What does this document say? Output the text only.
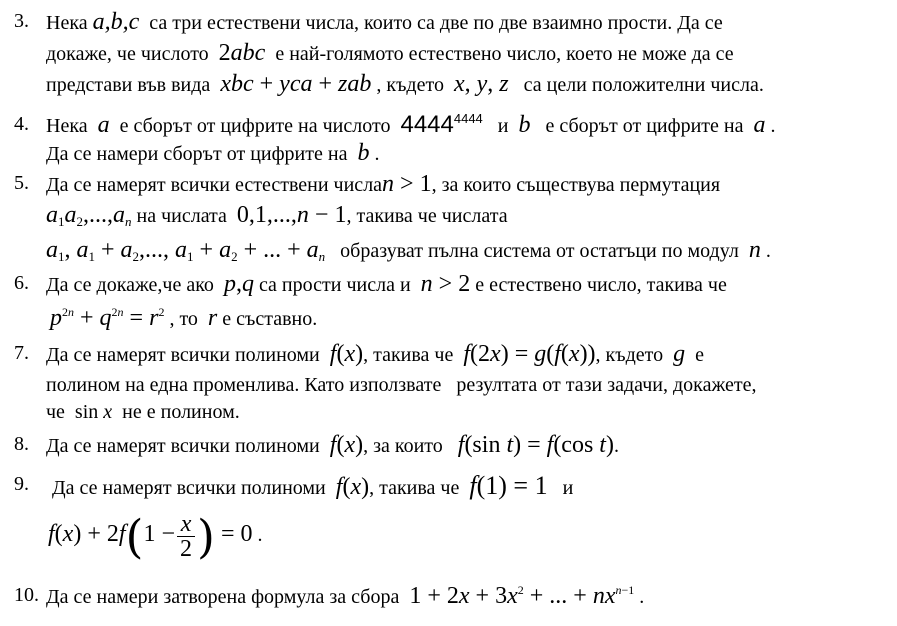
3. Нека a,b,c  са три естествени числа, които са две по две взаимно прости. Да се
докаже, че числото  2abc  е най-голямото естествено число, което не може да се
представи във вида  xbc + yca + zab , където  x, y, z   са цели положителни числа.
4. Нека  a  е сборът от цифрите на числото  $4444^{4444}$   и  b   е сборът от цифрите на  a .
Да се намери сборът от цифрите на  b .
5. Да се намерят всички естествени числаn > 1, за които съществува пермутация
$a_1a_2,...,a_n$ на числата  0,1,...,n − 1, такива че числата
$a_1$, $a_1 + a_2$,..., $a_1 + a_2$ + ... + $a_n$   образуват пълна система от остатъци по модул  n .
6. Да се докаже,че ако  p,q са прости числа и  n > 2 е естествено число, такива че
$p^{2n} + q^{2n} = r^2$ , то  r е съставно.
7. Да се намерят всички полиноми  f(x), такива че  f(2x) = g(f(x)), където  g  е
полином на една променлива. Като използвате   резултата от тази задачи, докажете,
че  sin x  не е полином.
8. Да се намерят всички полиноми  f(x), за които   f(sin t) = f(cos t).
9. Да се намерят всички полиноми  f(x), такива че  f(1) = 1   и
$f(x) + 2f(1 - \frac{x}{2}$ ) = 0 .
10. Да се намери затворена формула за сбора  $1 + 2x + 3x^2$ + ... + $nx^{n-1}$ .
